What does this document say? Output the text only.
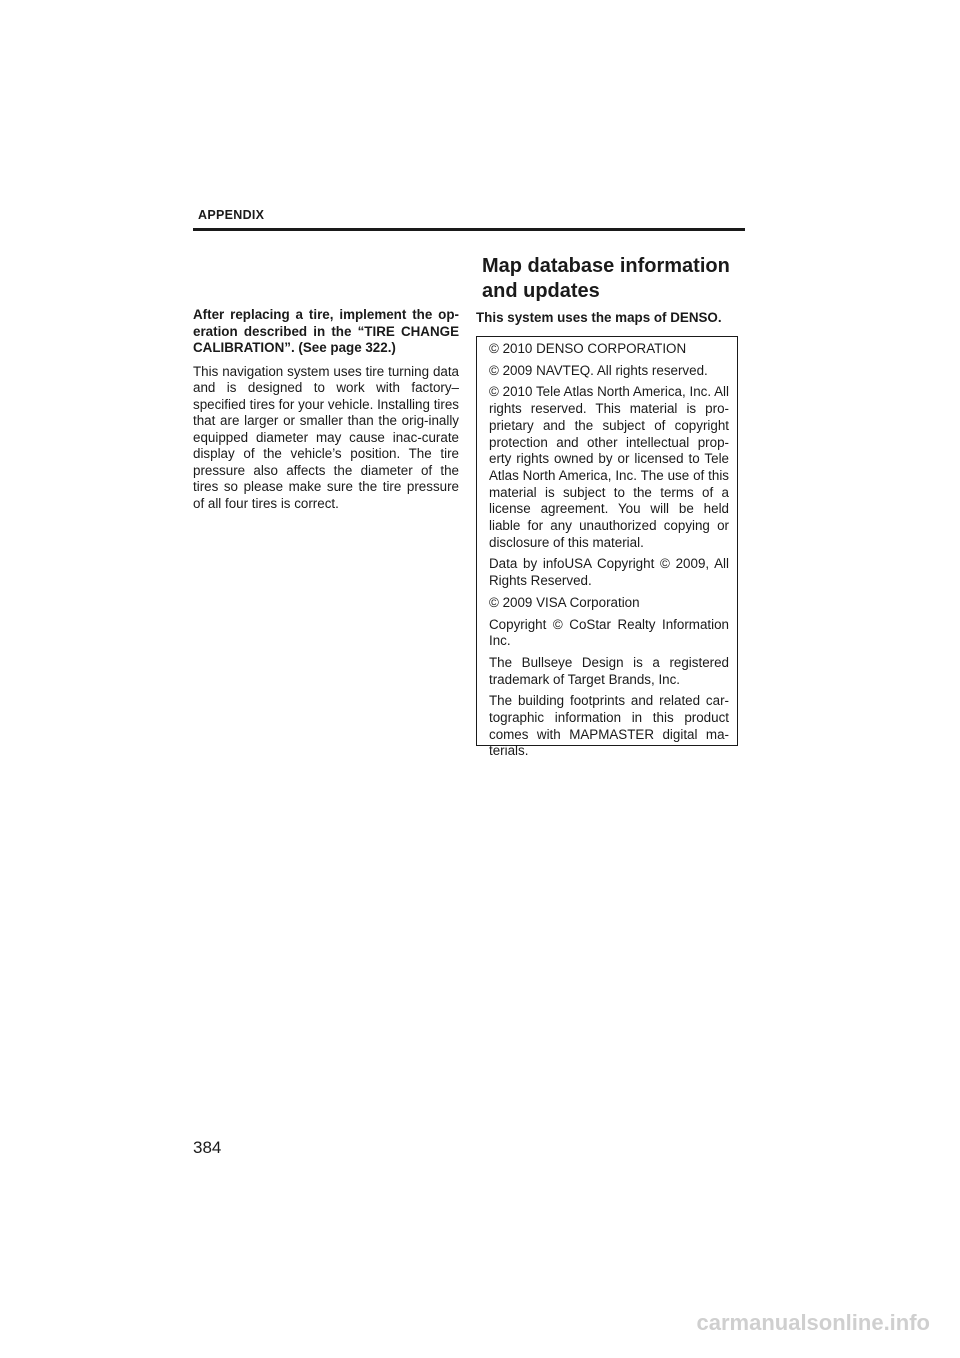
APPENDIX
Map database information
and updates

After replacing a tire, implement the op-eration described in the “TIRE CHANGE CALIBRATION”. (See page 322.)

This navigation system uses tire turning data and is designed to work with factory–specified tires for your vehicle. Installing tires that are larger or smaller than the orig-inally equipped diameter may cause inac-curate display of the vehicle’s position. The tire pressure also affects the diameter of the tires so please make sure the tire pressure of all four tires is correct.

This system uses the maps of DENSO.

© 2010 DENSO CORPORATION

© 2009 NAVTEQ. All rights reserved.

© 2010 Tele Atlas North America, Inc. All rights reserved. This material is pro-prietary and the subject of copyright protection and other intellectual prop-erty rights owned by or licensed to Tele Atlas North America, Inc. The use of this material is subject to the terms of a license agreement. You will be held liable for any unauthorized copying or disclosure of this material.

Data by infoUSA Copyright © 2009, All Rights Reserved.

© 2009 VISA Corporation

Copyright © CoStar Realty Information Inc.

The Bullseye Design is a registered trademark of Target Brands, Inc.

The building footprints and related car-tographic information in this product comes with MAPMASTER digital ma-terials.

384
carmanualsonline.info
